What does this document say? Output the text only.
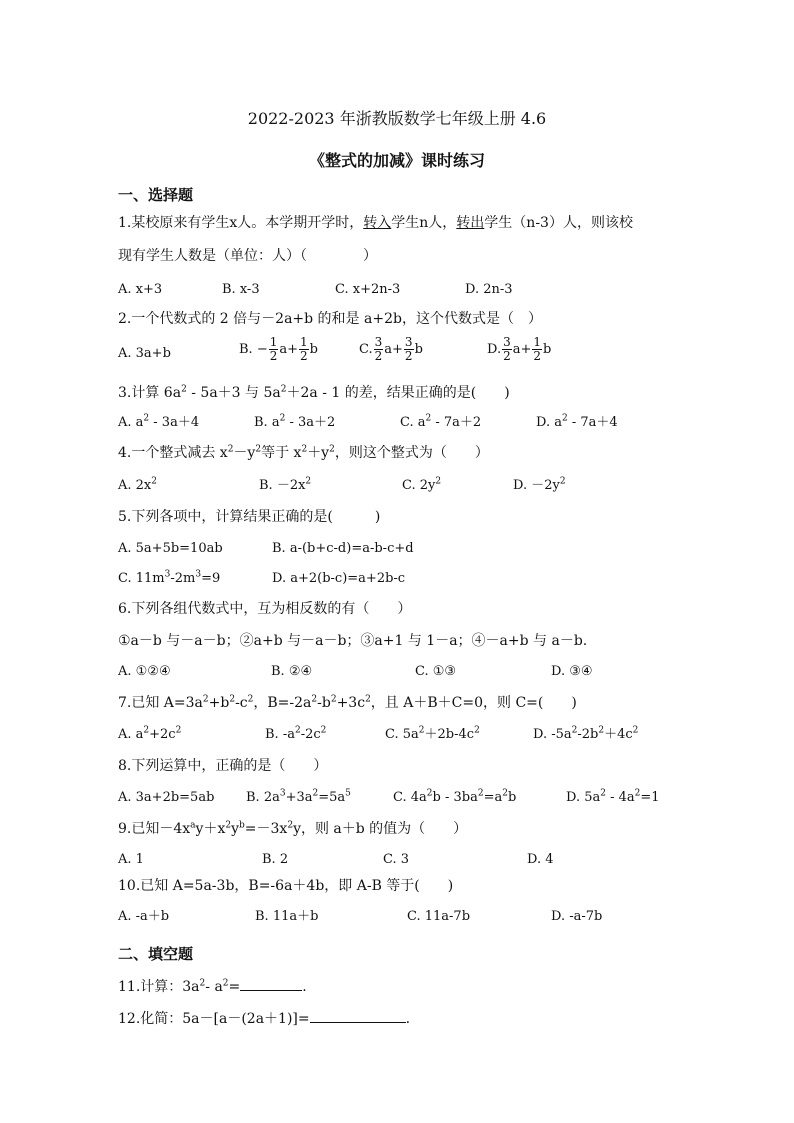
2022-2023 年浙教版数学七年级上册 4.6
《整式的加减》课时练习
一、选择题
1.某校原来有学生x人。本学期开学时，转入学生n人，转出学生（n-3）人，则该校
现有学生人数是（单位：人）（　　　　）
A. x+3	B. x-3	C. x+2n-3	D. 2n-3
2.一个代数式的 2 倍与－2a+b 的和是 a+2b，这个代数式是（　）
A. 3a+b	B. − $\frac{1}{2} a+ \frac{1}{2}$ b	C. $\frac{3}{2} a+ \frac{3}{2}$ b	D. $\frac{3}{2} a+ \frac{1}{2}$ b
3.计算 $6a^2 - 5a+3$ 与 $5a^2+2a - 1$ 的差，结果正确的是(　　)
A. $a^2 - 3a+4$	B. $a^2 - 3a+2$	C. $a^2 - 7a+2$	D. $a^2 - 7a+4$
4.一个整式减去 $x^2-y^2$等于 $x^2+y^2$，则这个整式为（　　）
A. $2x^2$	B. $-2x^2$	C. $2y^2$	D. $-2y^2$
5.下列各项中，计算结果正确的是(　　　)
A. 5a+5b=10ab	B. a-(b+c-d)=a-b-c+d
C. $11m^3-2m^3=9$	D. a+2(b-c)=a+2b-c
6.下列各组代数式中，互为相反数的有（　　）
①a－b 与－a－b；②a+b 与－a－b；③a+1 与 1－a；④－a+b 与 a－b.
A. ①②④	B. ②④	C. ①③	D. ③④
7.已知 $A=3a^2+b^2-c^2$，$B=-2a^2-b^2+3c^2$，且 A＋B＋C=0，则 C=(　　)
A. $a^2+2c^2$	B. $-a^2-2c^2$	C. $5a^2+2b-4c^2$	D. $-5a^2-2b^2+4c^2$
8.下列运算中，正确的是（　　）
A. 3a+2b=5ab B. $2a^3+3a^2=5a^5$	C. $4a^2b - 3ba^2=a^2b$	D. $5a^2 - 4a^2=1$
9.已知$-4x^ay+x^2y^b=-3x^2y$，则 a＋b 的值为（　　）
A. 1	B. 2	C. 3	D. 4
10.已知 A=5a-3b，B=-6a＋4b，即 A-B 等于(　　)
A. -a＋b	B. 11a＋b	C. 11a-7b	D. -a-7b
二、填空题
11.计算：$3a^2-$ $a^2=$	.
12.化简：5a－[a－(2a＋1)]=	.
